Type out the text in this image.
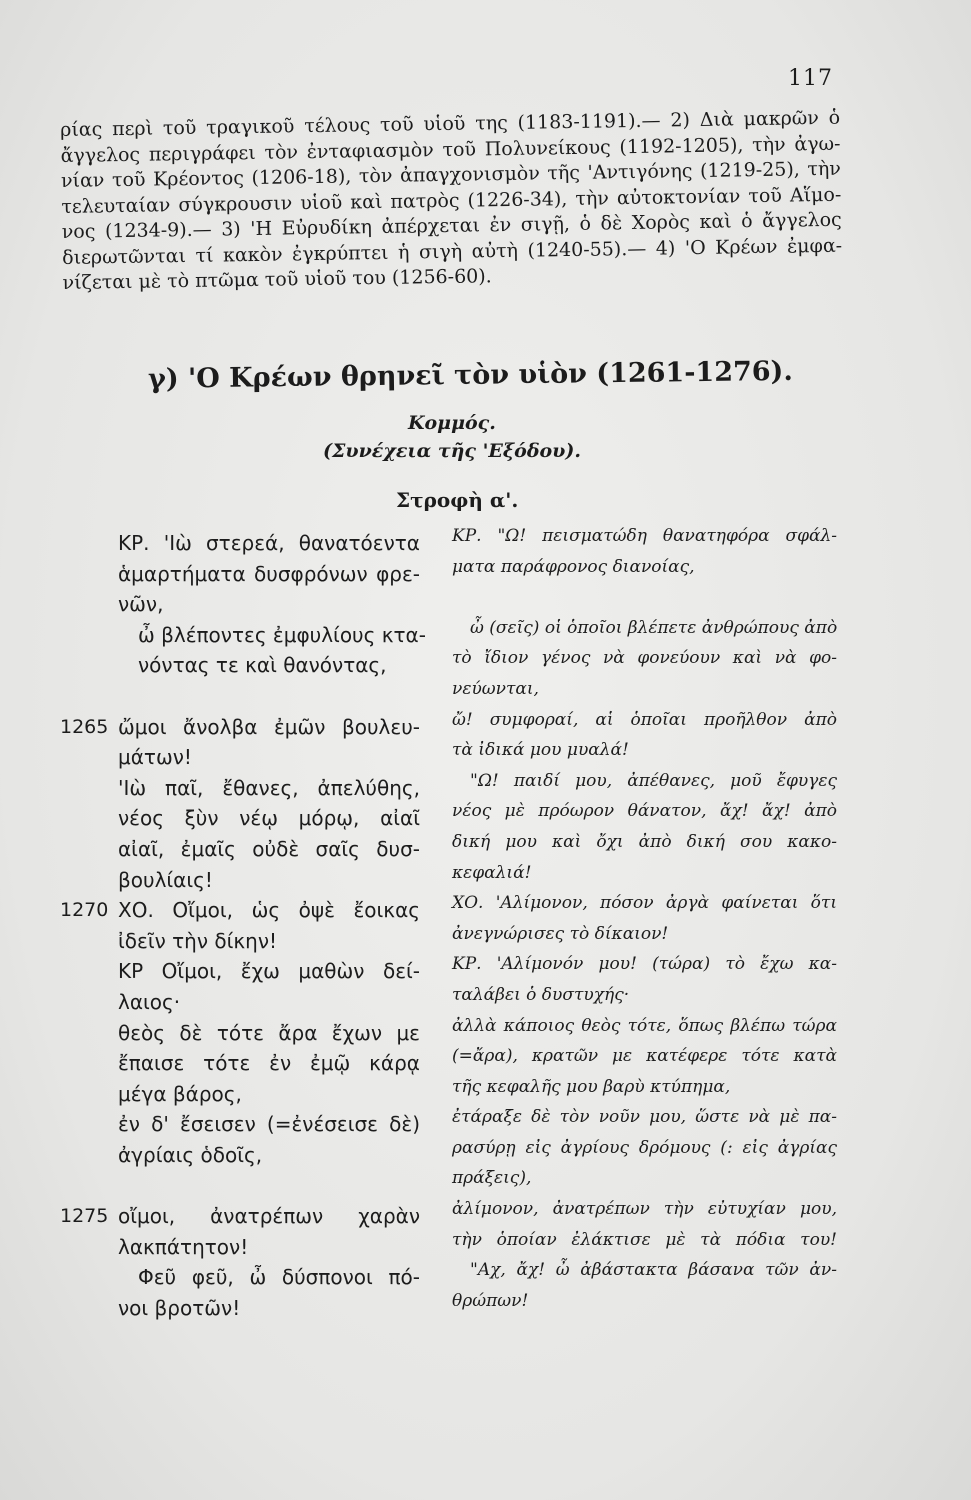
117
ρίας περὶ τοῦ τραγικοῦ τέλους τοῦ υἱοῦ της (1183-1191).— 2) Διὰ μακρῶν ὁ
ἄγγελος περιγράφει τὸν ἐνταφιασμὸν τοῦ Πολυνείκους (1192-1205), τὴν ἀγω-
νίαν τοῦ Κρέοντος (1206-18), τὸν ἀπαγχονισμὸν τῆς 'Αντιγόνης (1219-25), τὴν
τελευταίαν σύγκρουσιν υἱοῦ καὶ πατρὸς (1226-34), τὴν αὐτοκτονίαν τοῦ Αἵμο-
νος (1234-9).— 3) 'Η Εὐρυδίκη ἀπέρχεται ἐν σιγῇ, ὁ δὲ Χορὸς καὶ ὁ ἄγγελος
διερωτῶνται τί κακὸν ἐγκρύπτει ἡ σιγὴ αὐτὴ (1240-55).— 4) 'Ο Κρέων ἐμφα-
νίζεται μὲ τὸ πτῶμα τοῦ υἱοῦ του (1256-60).
γ) 'Ο Κρέων θρηνεῖ τὸν υἱὸν (1261-1276).
Κομμός.
(Συνέχεια τῆς 'Εξόδου).
Στροφὴ α'.
ΚΡ. 'Ιὼ στερεά, θανατόεντα
ἁμαρτήματα δυσφρόνων φρε-
νῶν,
ὦ βλέποντες ἐμφυλίους κτα-
νόντας τε καὶ θανόντας,
ὤμοι ἄνολβα ἐμῶν βουλευ-
1265
μάτων!
'Ιὼ παῖ, ἔθανες, ἀπελύθης,
νέος ξὺν νέῳ μόρῳ, αἰαῖ
αἰαῖ, ἐμαῖς οὐδὲ σαῖς δυσ-
βουλίαις!
ΧΟ. Οἴμοι, ὡς ὀψὲ ἔοικας
1270
ἰδεῖν τὴν δίκην!
ΚΡ Οἴμοι, ἔχω μαθὼν δεί-
λαιος·
θεὸς δὲ τότε ἄρα ἔχων με
ἔπαισε τότε ἐν ἐμῷ κάρᾳ
μέγα βάρος,
ἐν δ' ἔσεισεν (=ἐνέσεισε δὲ)
ἀγρίαις ὁδοῖς,
οἴμοι, ἀνατρέπων χαρὰν
1275
λακπάτητον!
Φεῦ φεῦ, ὦ δύσπονοι πό-
νοι βροτῶν!
ΚΡ. "Ω! πεισματώδη θανατηφόρα σφάλ-
ματα παράφρονος διανοίας,
ὦ (σεῖς) οἱ ὁποῖοι βλέπετε ἀνθρώπους ἀπὸ
τὸ ἴδιον γένος νὰ φονεύουν καὶ νὰ φο-
νεύωνται,
ὤ! συμφοραί, αἱ ὁποῖαι προῆλθον ἀπὸ
τὰ ἰδικά μου μυαλά!
"Ω! παιδί μου, ἀπέθανες, μοῦ ἔφυγες
νέος μὲ πρόωρον θάνατον, ἄχ! ἄχ! ἀπὸ
δική μου καὶ ὄχι ἀπὸ δική σου κακο-
κεφαλιά!
ΧΟ. 'Αλίμονον, πόσον ἀργὰ φαίνεται ὅτι
ἀνεγνώρισες τὸ δίκαιον!
ΚΡ. 'Αλίμονόν μου! (τώρα) τὸ ἔχω κα-
ταλάβει ὁ δυστυχής·
ἀλλὰ κάποιος θεὸς τότε, ὅπως βλέπω τώρα
(=ἄρα), κρατῶν με κατέφερε τότε κατὰ
τῆς κεφαλῆς μου βαρὺ κτύπημα,
ἐτάραξε δὲ τὸν νοῦν μου, ὥστε νὰ μὲ πα-
ρασύρῃ εἰς ἀγρίους δρόμους (: εἰς ἀγρίας
πράξεις),
ἀλίμονον, ἀνατρέπων τὴν εὐτυχίαν μου,
τὴν ὁποίαν ἐλάκτισε μὲ τὰ πόδια του!
"Αχ, ἄχ! ὦ ἀβάστακτα βάσανα τῶν ἀν-
θρώπων!
